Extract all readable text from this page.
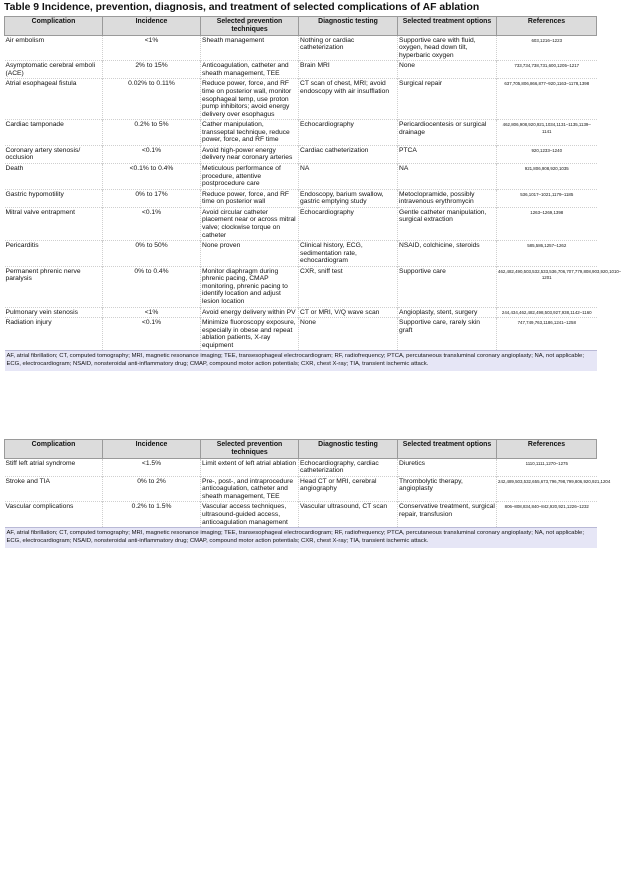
Table 9 Incidence, prevention, diagnosis, and treatment of selected complications of AF ablation
Complication	Incidence	Selected prevention techniques	Diagnostic testing	Selected treatment options	References
Air embolism	<1%	Sheath management	Nothing or cardiac catheterization	Supportive care with fluid, oxygen, head down tilt, hyperbaric oxygen	603,1216–1223
Asymptomatic cerebral emboli (ACE)	2% to 15%	Anticoagulation, catheter and sheath management, TEE	Brain MRI	None	733,734,738,731,600,1205–1217
Atrial esophageal fistula	0.02% to 0.11%	Reduce power, force, and RF time on posterior wall, monitor esophageal temp, use proton pump inhibitors; avoid energy delivery over esophagus	CT scan of chest, MRI; avoid endoscopy with air insufflation	Surgical repair	637,705,806,866,877–920,1163–1178,1398
Cardiac tamponade	0.2% to 5%	Cather manipulation, transseptal technique, reduce power, force, and RF time	Echocardiography	Pericardiocentesis or surgical drainage	462,806,908,920,921,1034,1131–1135,1139–1141
Coronary artery stenosis/ occlusion	<0.1%	Avoid high-power energy delivery near coronary arteries	Cardiac catheterization	PTCA	920,1233–1240
Death	<0.1% to 0.4%	Meticulous performance of procedure, attentive postprocedure care	NA	NA	921,806,908,920,1035
Gastric hypomotility	0% to 17%	Reduce power, force, and RF time on posterior wall	Endoscopy, barium swallow, gastric emptying study	Metoclopramide, possibly intravenous erythromycin	536,1017–1021,1179–1185
Mitral valve entrapment	<0.1%	Avoid circular catheter placement near or across mitral valve; clockwise torque on catheter	Echocardiography	Gentle catheter manipulation, surgical extraction	1263–1269,1398
Pericarditis	0% to 50%	None proven	Clinical history, ECG, sedimentation rate, echocardiogram	NSAID, colchicine, steroids	585,586,1257–1262
Permanent phrenic nerve paralysis	0% to 0.4%	Monitor diaphragm during phrenic pacing, CMAP monitoring, phrenic pacing to identify location and adjust lesion location	CXR, sniff test	Supportive care	462,482,490,503,532,533,536,706,707,779,808,903,920,1010–1201
Pulmonary vein stenosis	<1%	Avoid energy delivery within PV	CT or MRI, V/Q wave scan	Angioplasty, stent, surgery	244,434,462,482,498,503,927,938,1142–1160
Radiation injury	<0.1%	Minimize fluoroscopy exposure, especially in obese and repeat ablation patients, X-ray equipment	None	Supportive care, rarely skin graft	747,749,763,1186,1241–1258
AF, atrial fibrillation; CT, computed tomography; MRI, magnetic resonance imaging; TEE, transesophageal electrocardiogram; RF, radiofrequency; PTCA, percutaneous transluminal coronary angioplasty; NA, not applicable; ECG, electrocardiogram; NSAID, nonsteroidal anti-inflammatory drug; CMAP, compound motor action potentials; CXR, chest X-ray; TIA, transient ischemic attack.					
Complication	Incidence	Selected prevention techniques	Diagnostic testing	Selected treatment options	References
Stiff left atrial syndrome	<1.5%	Limit extent of left atrial ablation	Echocardiography, cardiac catheterization	Diuretics	1110,1111,1270–1275
Stroke and TIA	0% to 2%	Pre-, post-, and intraprocedure anticoagulation, catheter and sheath management, TEE	Head CT or MRI, cerebral angiography	Thrombolytic therapy, angioplasty	242,489,503,532,655,673,796,798,799,806,920,921,1204
Vascular complications	0.2% to 1.5%	Vascular access techniques, ultrasound-guided access, anticoagulation management	Vascular ultrasound, CT scan	Conservative treatment, surgical repair, transfusion	806–808,834,840–842,920,921,1226–1232
AF, atrial fibrillation; CT, computed tomography; MRI, magnetic resonance imaging; TEE, transesophageal electrocardiogram; RF, radiofrequency; PTCA, percutaneous transluminal coronary angioplasty; NA, not applicable; ECG, electrocardiogram; NSAID, nonsteroidal anti-inflammatory drug; CMAP, compound motor action potentials; CXR, chest X-ray; TIA, transient ischemic attack.					
